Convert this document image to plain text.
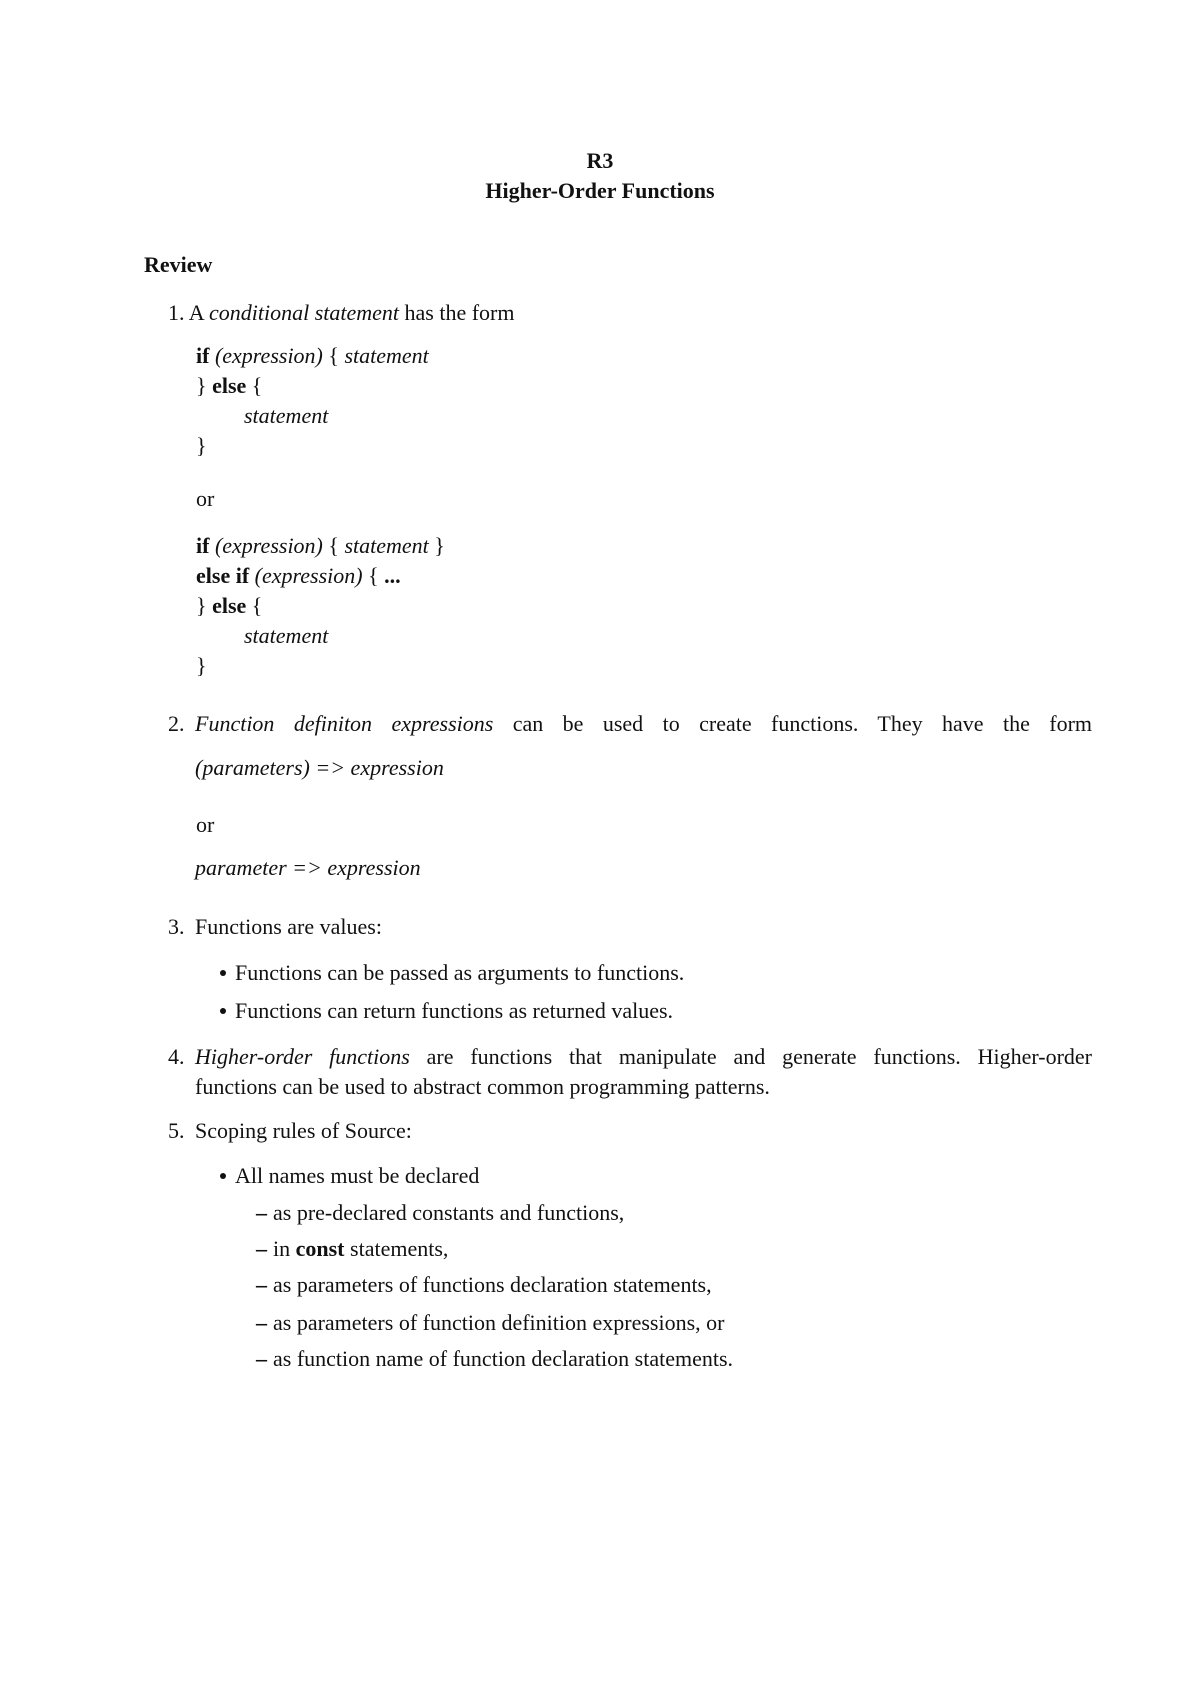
R3
Higher-Order Functions
Review
1. A conditional statement has the form
if (expression) { statement
} else {
statement
}
or
if (expression) { statement }
else if (expression) { ...
} else {
statement
}
2. Function definiton expressions can be used to create functions. They have the form
(parameters) => expression
or
parameter => expression
3. Functions are values:
Functions can be passed as arguments to functions.
Functions can return functions as returned values.
4. Higher-order functions are functions that manipulate and generate functions. Higher-order
functions can be used to abstract common programming patterns.
5. Scoping rules of Source:
All names must be declared
– as pre-declared constants and functions,
– in const statements,
– as parameters of functions declaration statements,
– as parameters of function definition expressions, or
– as function name of function declaration statements.
